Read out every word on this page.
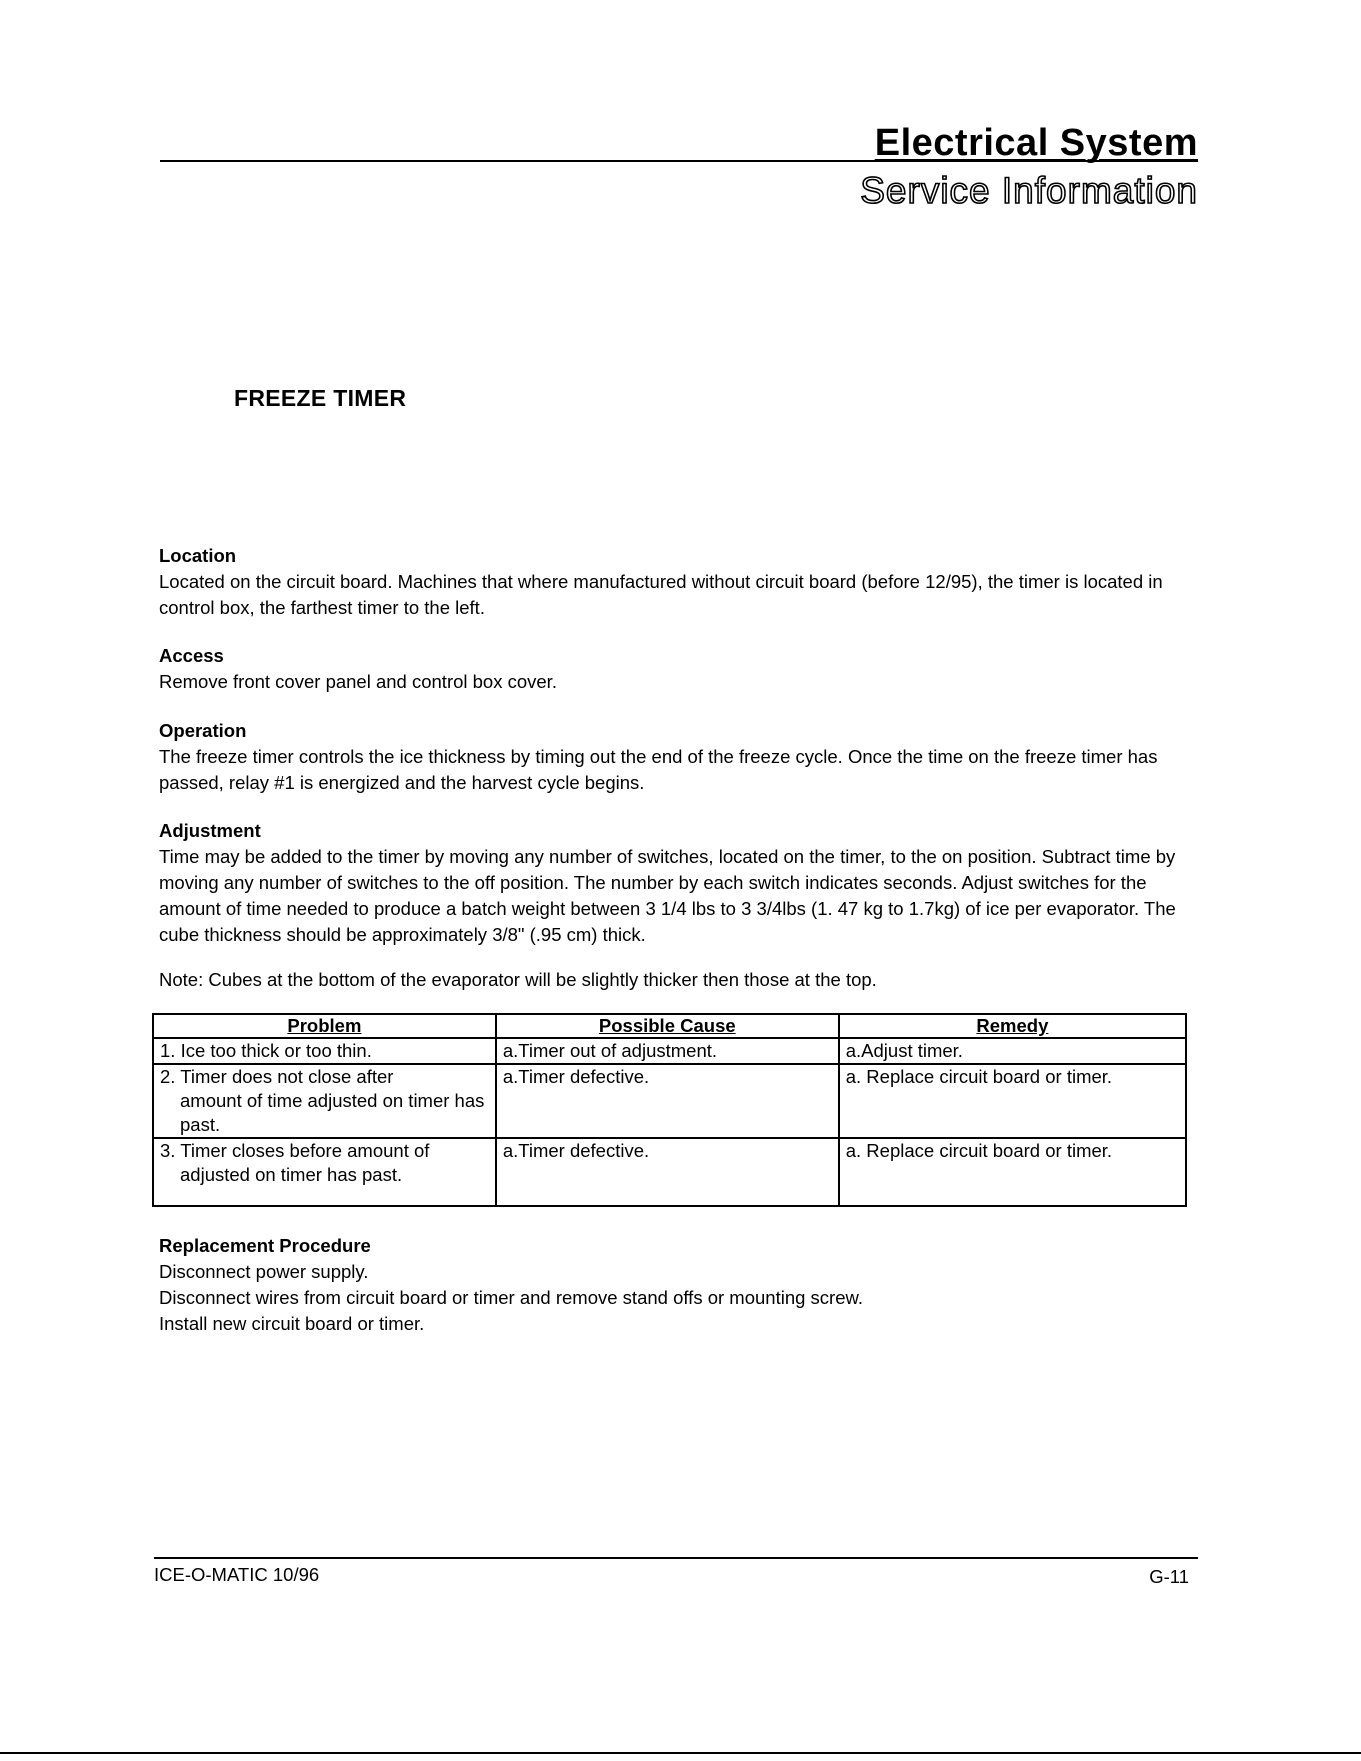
Electrical System
Service Information
FREEZE TIMER
Location
Located on the circuit board. Machines that where manufactured without circuit board (before 12/95), the timer is located in control box, the farthest timer to the left.
Access
Remove front cover panel and control box cover.
Operation
The freeze timer controls the ice thickness by timing out the end of the freeze cycle. Once the time on the freeze timer has passed, relay #1 is energized and the harvest cycle begins.
Adjustment
Time may be added to the timer by moving any number of switches, located on the timer, to the on position. Subtract time by moving any number of switches to the off position. The number by each switch indicates seconds. Adjust switches for the amount of time needed to produce a batch weight between 3 1/4 lbs to 3 3/4lbs (1. 47 kg to 1.7kg) of ice per evaporator. The cube thickness should be approximately 3/8" (.95 cm) thick.
Note: Cubes at the bottom of the evaporator will be slightly thicker then those at the top.
Problem	Possible Cause	Remedy
1. Ice too thick or too thin.	a.Timer out of adjustment.	a.Adjust timer.
2. Timer does not close after
amount of time adjusted on timer has past.	a.Timer defective.	a. Replace circuit board or timer.
3. Timer closes before amount of
adjusted on timer has past.	a.Timer defective.	a. Replace circuit board or timer.
Replacement Procedure
Disconnect power supply.
Disconnect wires from circuit board or timer and remove stand offs or mounting screw.
Install new circuit board or timer.
ICE-O-MATIC 10/96	G-11
